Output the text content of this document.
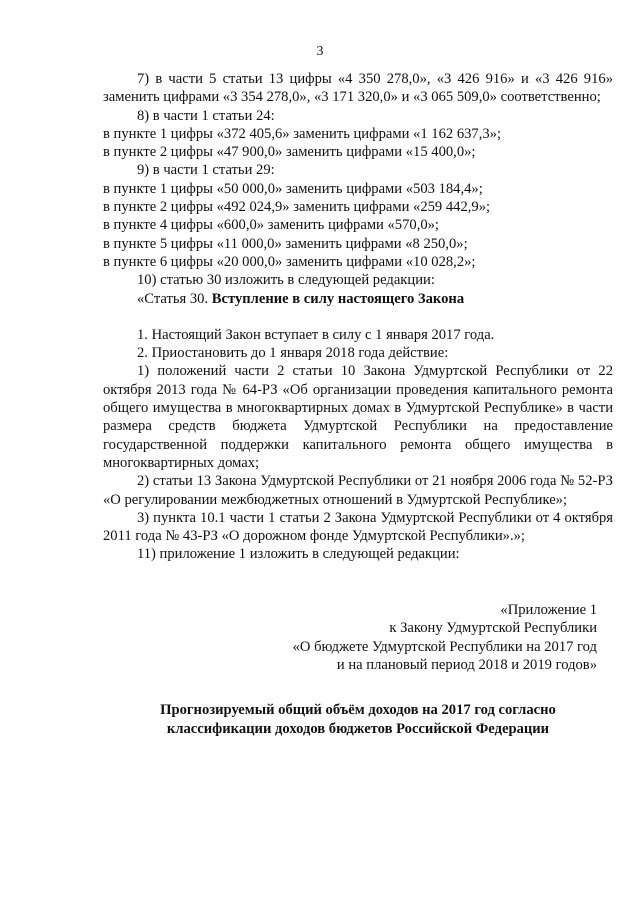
3

7) в части 5 статьи 13 цифры «4 350 278,0», «3 426 916» и «3 426 916» заменить цифрами «3 354 278,0», «3 171 320,0» и «3 065 509,0» соответственно;

8) в части 1 статьи 24:

в пункте 1 цифры «372 405,6» заменить цифрами «1 162 637,3»;

в пункте 2 цифры «47 900,0» заменить цифрами «15 400,0»;

9) в части 1 статьи 29:

в пункте 1 цифры «50 000,0» заменить цифрами «503 184,4»;

в пункте 2 цифры «492 024,9» заменить цифрами «259 442,9»;

в пункте 4 цифры «600,0» заменить цифрами «570,0»;

в пункте 5 цифры «11 000,0» заменить цифрами «8 250,0»;

в пункте 6 цифры «20 000,0» заменить цифрами «10 028,2»;

10) статью 30 изложить в следующей редакции:

«Статья 30. Вступление в силу настоящего Закона

1. Настоящий Закон вступает в силу с 1 января 2017 года.

2. Приостановить до 1 января 2018 года действие:

1) положений части 2 статьи 10 Закона Удмуртской Республики от 22 октября 2013 года № 64-РЗ «Об организации проведения капитального ремонта общего имущества в многоквартирных домах в Удмуртской Республике» в части размера средств бюджета Удмуртской Республики на предоставление государственной поддержки капитального ремонта общего имущества в многоквартирных домах;

2) статьи 13 Закона Удмуртской Республики от 21 ноября 2006 года № 52-РЗ «О регулировании межбюджетных отношений в Удмуртской Республике»;

3) пункта 10.1 части 1 статьи 2 Закона Удмуртской Республики от 4 октября 2011 года № 43-РЗ «О дорожном фонде Удмуртской Республики».»;

11) приложение 1 изложить в следующей редакции:

«Приложение 1

к Закону Удмуртской Республики

«О бюджете Удмуртской Республики на 2017 год

и на плановый период 2018 и 2019 годов»

Прогнозируемый общий объём доходов на 2017 год согласно

классификации доходов бюджетов Российской Федерации
